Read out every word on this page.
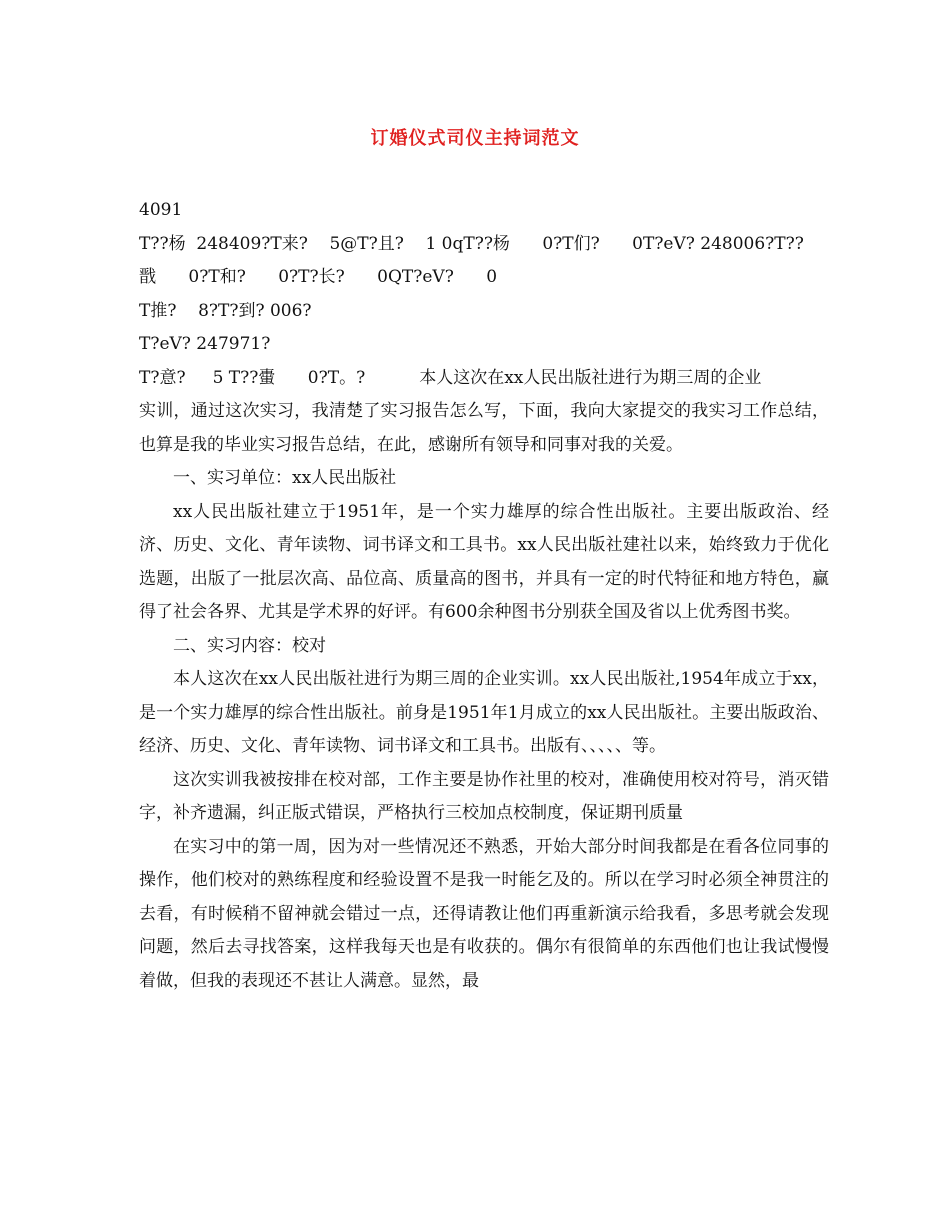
订婚仪式司仪主持词范文
4091
T??杨  248409?T来?    5@T?且?    1 0qT??杨      0?T们?      0T?eV? 248006?T??
戬      0?T和?      0?T?长?      0QT?eV?      0
T推?    8?T?到? 006?
T?eV? 247971?
T?意?     5 T??蟗      0?T。?          本人这次在xx人民出版社进行为期三周的企业
实训，通过这次实习，我清楚了实习报告怎么写，下面，我向大家提交的我实习工作总结，也算是我的毕业实习报告总结，在此，感谢所有领导和同事对我的关爱。
一、实习单位：xx人民出版社
xx人民出版社建立于1951年，是一个实力雄厚的综合性出版社。主要出版政治、经济、历史、文化、青年读物、词书译文和工具书。xx人民出版社建社以来，始终致力于优化选题，出版了一批层次高、品位高、质量高的图书，并具有一定的时代特征和地方特色，赢得了社会各界、尤其是学术界的好评。有600余种图书分别获全国及省以上优秀图书奖。
二、实习内容：校对
本人这次在xx人民出版社进行为期三周的企业实训。xx人民出版社,1954年成立于xx，是一个实力雄厚的综合性出版社。前身是1951年1月成立的xx人民出版社。主要出版政治、经济、历史、文化、青年读物、词书译文和工具书。出版有、、、、、等。
这次实训我被按排在校对部，工作主要是协作社里的校对，准确使用校对符号，消灭错字，补齐遗漏，纠正版式错误，严格执行三校加点校制度，保证期刊质量
在实习中的第一周，因为对一些情况还不熟悉，开始大部分时间我都是在看各位同事的操作，他们校对的熟练程度和经验设置不是我一时能乞及的。所以在学习时必须全神贯注的去看，有时候稍不留神就会错过一点，还得请教让他们再重新演示给我看，多思考就会发现问题，然后去寻找答案，这样我每天也是有收获的。偶尔有很简单的东西他们也让我试慢慢着做，但我的表现还不甚让人满意。显然，最
